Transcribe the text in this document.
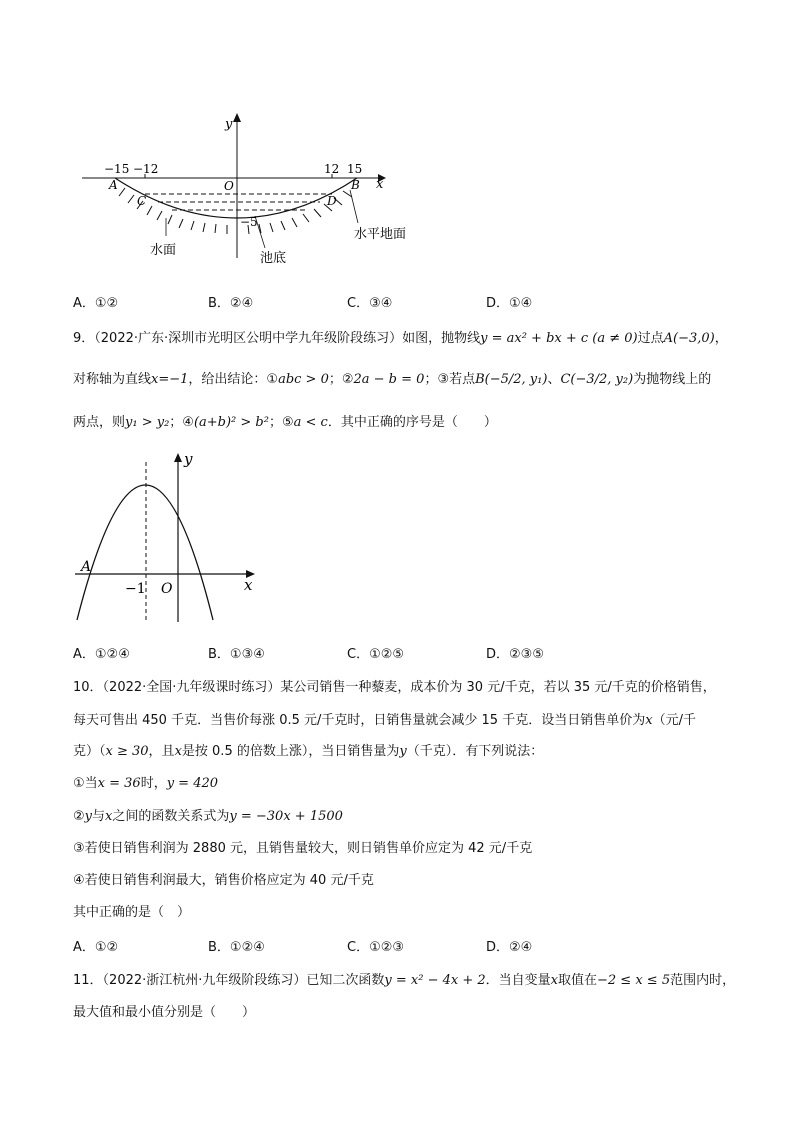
y
x
O
−15 −12	12 15
−5
A	B
C	D
水面
水平地面
池底
A．①②	B．②④	C．③④	D．①④
9．（2022·广东·深圳市光明区公明中学九年级阶段练习）如图，抛物线y = ax² + bx + c (a ≠ 0)过点A(−3,0)，
对称轴为直线x=−1，给出结论：①abc > 0；②2a − b = 0；③若点B(−5/2, y₁)、C(−3/2, y₂)为抛物线上的
两点，则y₁ > y₂；④(a+b)² > b²；⑤a < c．其中正确的序号是（　　）
y
x
A
−1 O
A．①②④	B．①③④	C．①②⑤	D．②③⑤
10．（2022·全国·九年级课时练习）某公司销售一种藜麦，成本价为 30 元/千克，若以 35 元/千克的价格销售，
每天可售出 450 千克．当售价每涨 0.5 元/千克时，日销售量就会减少 15 千克．设当日销售单价为x（元/千
克）（x ≥ 30，且x是按 0.5 的倍数上涨），当日销售量为y（千克）．有下列说法：
①当x = 36时，y = 420
②y与x之间的函数关系式为y = −30x + 1500
③若使日销售利润为 2880 元，且销售量较大，则日销售单价应定为 42 元/千克
④若使日销售利润最大，销售价格应定为 40 元/千克
其中正确的是（　）
A．①②	B．①②④	C．①②③	D．②④
11．（2022·浙江杭州·九年级阶段练习）已知二次函数y = x² − 4x + 2．当自变量x取值在−2 ≤ x ≤ 5范围内时，
最大值和最小值分别是（　　）
